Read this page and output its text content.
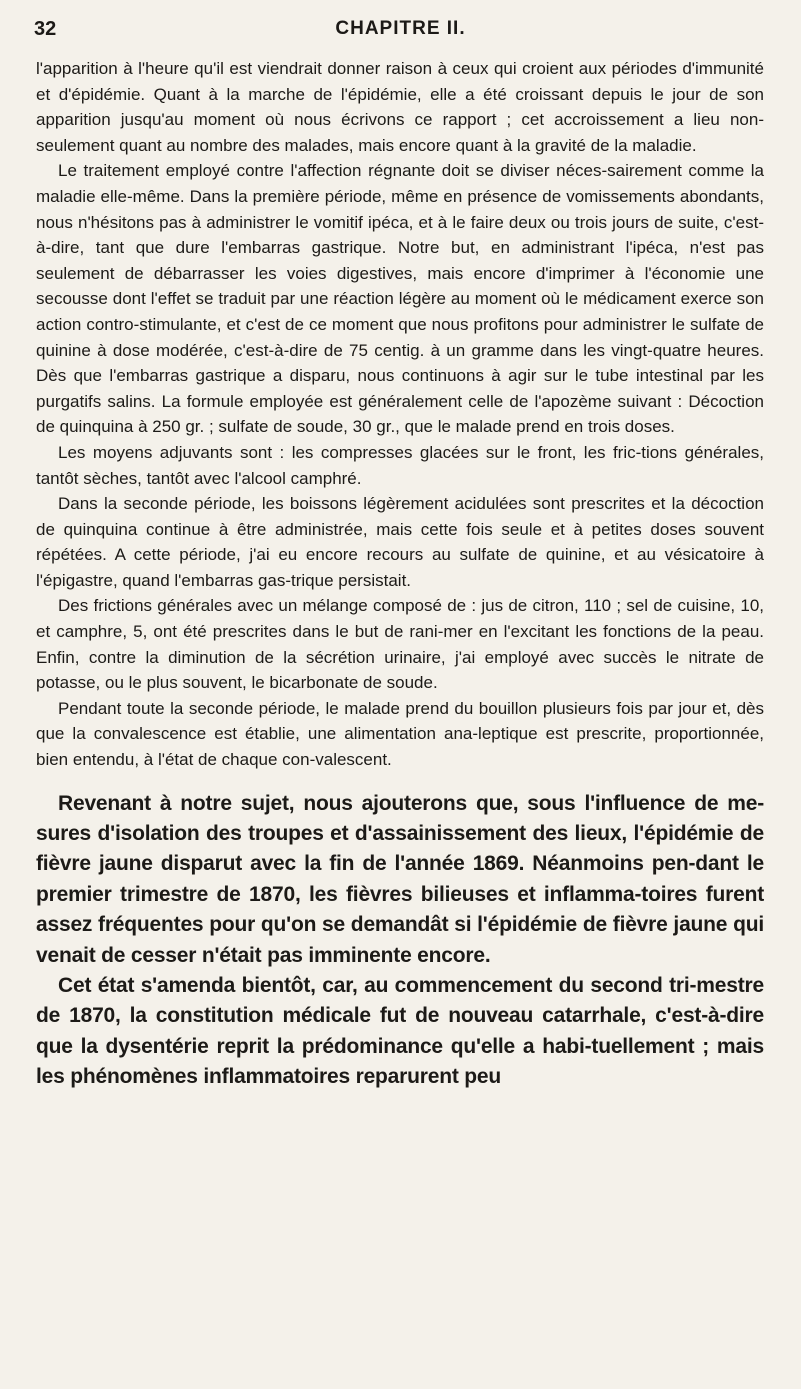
32	CHAPITRE II.

l'apparition à l'heure qu'il est viendrait donner raison à ceux qui croient aux périodes d'immunité et d'épidémie. Quant à la marche de l'épidémie, elle a été croissant depuis le jour de son apparition jusqu'au moment où nous écrivons ce rapport ; cet accroissement a lieu non-seulement quant au nombre des malades, mais encore quant à la gravité de la maladie.

Le traitement employé contre l'affection régnante doit se diviser néces-sairement comme la maladie elle-même. Dans la première période, même en présence de vomissements abondants, nous n'hésitons pas à administrer le vomitif ipéca, et à le faire deux ou trois jours de suite, c'est-à-dire, tant que dure l'embarras gastrique. Notre but, en administrant l'ipéca, n'est pas seulement de débarrasser les voies digestives, mais encore d'imprimer à l'économie une secousse dont l'effet se traduit par une réaction légère au moment où le médicament exerce son action contro-stimulante, et c'est de ce moment que nous profitons pour administrer le sulfate de quinine à dose modérée, c'est-à-dire de 75 centig. à un gramme dans les vingt-quatre heures. Dès que l'embarras gastrique a disparu, nous continuons à agir sur le tube intestinal par les purgatifs salins. La formule employée est généralement celle de l'apozème suivant : Décoction de quinquina à 250 gr. ; sulfate de soude, 30 gr., que le malade prend en trois doses.

Les moyens adjuvants sont : les compresses glacées sur le front, les fric-tions générales, tantôt sèches, tantôt avec l'alcool camphré.

Dans la seconde période, les boissons légèrement acidulées sont prescrites et la décoction de quinquina continue à être administrée, mais cette fois seule et à petites doses souvent répétées. A cette période, j'ai eu encore recours au sulfate de quinine, et au vésicatoire à l'épigastre, quand l'embarras gas-trique persistait.

Des frictions générales avec un mélange composé de : jus de citron, 110 ; sel de cuisine, 10, et camphre, 5, ont été prescrites dans le but de rani-mer en l'excitant les fonctions de la peau. Enfin, contre la diminution de la sécrétion urinaire, j'ai employé avec succès le nitrate de potasse, ou le plus souvent, le bicarbonate de soude.

Pendant toute la seconde période, le malade prend du bouillon plusieurs fois par jour et, dès que la convalescence est établie, une alimentation ana-leptique est prescrite, proportionnée, bien entendu, à l'état de chaque con-valescent.

Revenant à notre sujet, nous ajouterons que, sous l'influence de me-sures d'isolation des troupes et d'assainissement des lieux, l'épidémie de fièvre jaune disparut avec la fin de l'année 1869. Néanmoins pen-dant le premier trimestre de 1870, les fièvres bilieuses et inflamma-toires furent assez fréquentes pour qu'on se demandât si l'épidémie de fièvre jaune qui venait de cesser n'était pas imminente encore.

Cet état s'amenda bientôt, car, au commencement du second tri-mestre de 1870, la constitution médicale fut de nouveau catarrhale, c'est-à-dire que la dysentérie reprit la prédominance qu'elle a habi-tuellement ; mais les phénomènes inflammatoires reparurent peu
